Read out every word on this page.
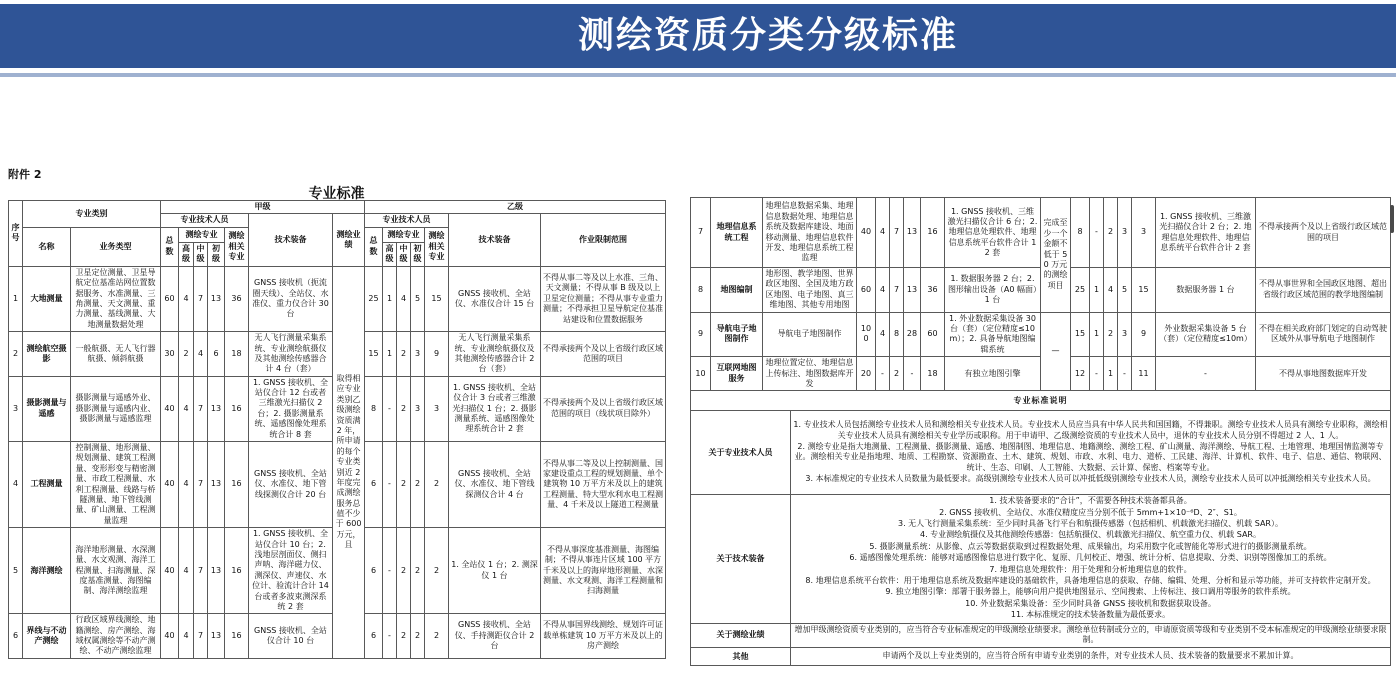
测绘资质分类分级标准
附件 2
专业标准
序号	专业类别		甲级							乙级						
			专业技术人员					技术装备	测绘业绩	专业技术人员					技术装备	作业限制范围
	名称	业务类型	总数	测绘专业			测绘相关专业			总数	测绘专业			测绘相关专业		
				高级	中级	初级					高级	中级	初级			
1	大地测量	卫星定位测量、卫星导航定位基准站网位置数据服务、水准测量、三角测量、天文测量、重力测量、基线测量、大地测量数据处理	60	4	7	13	36	GNSS 接收机（扼流圈天线）、全站仪、水准仪、重力仪合计 30 台	取得相应专业类别乙级测绘资质满 2 年，所申请的每个专业类别近 2 年度完成测绘服务总值不少于 600 万元，且	25	1	4	5	15	GNSS 接收机、全站仪、水准仪合计 15 台	不得从事二等及以上水准、三角、天文测量；不得从事 B 级及以上卫星定位测量；不得从事专业重力测量；不得承担卫星导航定位基准站建设和位置数据服务
2	测绘航空摄影	一般航摄、无人飞行器航摄、倾斜航摄	30	2	4	6	18	无人飞行测量采集系统、专业测绘航摄仪及其他测绘传感器合计 4 台（套）		15	1	2	3	9	无人飞行测量采集系统、专业测绘航摄仪及其他测绘传感器合计 2 台（套）	不得承接两个及以上省级行政区域范围的项目
3	摄影测量与遥感	摄影测量与遥感外业、摄影测量与遥感内业、摄影测量与遥感监理	40	4	7	13	16	1. GNSS 接收机、全站仪合计 12 台或者三维激光扫描仪 2 台；2. 摄影测量系统、遥感图像处理系统合计 8 套		8	-	2	3	3	1. GNSS 接收机、全站仪合计 3 台或者三维激光扫描仪 1 台；2. 摄影测量系统、遥感图像处理系统合计 2 套	不得承接两个及以上省级行政区域范围的项目（线状项目除外）
4	工程测量	控制测量、地形测量、规划测量、建筑工程测量、变形形变与精密测量、市政工程测量、水利工程测量、线路与桥隧测量、地下管线测量、矿山测量、工程测量监理	40	4	7	13	16	GNSS 接收机、全站仪、水准仪、地下管线探测仪合计 20 台		6	-	2	2	2	GNSS 接收机、全站仪、水准仪、地下管线探测仪合计 4 台	不得从事二等及以上控制测量、国家建设重点工程的规划测量、单个建筑物 10 万平方米及以上的建筑工程测量、特大型水利水电工程测量、4 千米及以上隧道工程测量
5	海洋测绘	海洋地形测量、水深测量、水文观测、海洋工程测量、扫海测量、深度基准测量、海图编制、海洋测绘监理	40	4	7	13	16	1. GNSS 接收机、全站仪合计 10 台；2. 浅地层剖面仪、侧扫声呐、海洋磁力仪、测深仪、声速仪、水位计、验流计合计 14 台或者多波束测深系统 2 套		6	-	2	2	2	1. 全站仪 1 台；2. 测深仪 1 台	不得从事深度基准测量、海图编制；不得从事连片区域 100 平方千米及以上的海岸地形测量、水深测量、水文观测、海洋工程测量和扫海测量
6	界线与不动产测绘	行政区域界线测绘、地籍测绘、房产测绘、海域权属测绘等不动产测绘、不动产测绘监理	40	4	7	13	16	GNSS 接收机、全站仪合计 10 台		6	-	2	2	2	GNSS 接收机、全站仪、手持测距仪合计 2 台	不得从事国界线测绘、规划许可证载单栋建筑 10 万平方米及以上的房产测绘
7	地理信息系统工程	地理信息数据采集、地理信息数据处理、地理信息系统及数据库建设、地面移动测量、地理信息软件开发、地理信息系统工程监理	40	4	7	13	16	1. GNSS 接收机、三维激光扫描仪合计 6 台；2. 地理信息处理软件、地理信息系统平台软件合计 12 套	完成至少一个金额不低于 50 万元的测绘项目	8	-	2	3	3	1. GNSS 接收机、三维激光扫描仪合计 2 台；2. 地理信息处理软件、地理信息系统平台软件合计 2 套	不得承接两个及以上省级行政区域范围的项目
8	地图编制	地形图、教学地图、世界政区地图、全国及地方政区地图、电子地图、真三维地图、其他专用地图	60	4	7	13	36	1. 数据服务器 2 台；2. 图形输出设备（A0 幅面）1 台		25	1	4	5	15	数据服务器 1 台	不得从事世界和全国政区地图、超出省级行政区域范围的教学地图编制
9	导航电子地图制作	导航电子地图制作	100	4	8	28	60	1. 外业数据采集设备 30 台（套）（定位精度≤10m）；2. 具备导航地图编辑系统	—	15	1	2	3	9	外业数据采集设备 5 台（套）（定位精度≤10m）	不得在相关政府部门划定的自动驾驶区域外从事导航电子地图制作
10	互联网地图服务	地理位置定位、地理信息上传标注、地图数据库开发	20	-	2	-	18	有独立地图引擎		12	-	1	-	11	-	不得从事地图数据库开发
专业标准说明	
关于专业技术人员	1. 专业技术人员包括测绘专业技术人员和测绘相关专业技术人员。专业技术人员应当具有中华人民共和国国籍，不得兼职。测绘专业技术人员具有测绘专业职称，测绘相关专业技术人员具有测绘相关专业学历或职称。用于申请甲、乙级测绘资质的专业技术人员中，退休的专业技术人员分别不得超过 2 人、1 人。
2. 测绘专业是指大地测量、工程测量、摄影测量、遥感、地图制图、地理信息、地籍测绘、测绘工程、矿山测量、海洋测绘、导航工程、土地管理、地理国情监测等专业。测绘相关专业是指地理、地质、工程勘察、资源勘查、土木、建筑、规划、市政、水利、电力、道桥、工民建、海洋、计算机、软件、电子、信息、通信、物联网、统计、生态、印刷、人工智能、大数据、云计算、保密、档案等专业。
3. 本标准规定的专业技术人员数量为最低要求。高级别测绘专业技术人员可以冲抵低级别测绘专业技术人员，测绘专业技术人员可以冲抵测绘相关专业技术人员。

关于技术装备	
1. 技术装备要求的“合计”，不需要各种技术装备都具备。
2. GNSS 接收机、全站仪、水准仪精度应当分别不低于 5mm+1×10⁻⁶D、2″、S1。
3. 无人飞行测量采集系统：至少同时具备飞行平台和航摄传感器（包括相机、机载激光扫描仪、机载 SAR）。
4. 专业测绘航摄仪及其他测绘传感器：包括航摄仪、机载激光扫描仪、航空重力仪、机载 SAR。
5. 摄影测量系统：从影像、点云等数据获取到过程数据处理、成果输出，均采用数字化或智能化等形式进行的摄影测量系统。
6. 遥感图像处理系统：能够对遥感图像信息进行数字化、复原、几何校正、增强、统计分析、信息提取、分类、识别等图像加工的系统。
7. 地理信息处理软件：用于处理和分析地理信息的软件。
8. 地理信息系统平台软件：用于地理信息系统及数据库建设的基础软件，具备地理信息的获取、存储、编辑、处理、分析和显示等功能，并可支持软件定制开发。
9. 独立地图引擎：部署于服务器上，能够向用户提供地图显示、空间搜索、上传标注、接口调用等服务的软件系统。
10. 外业数据采集设备：至少同时具备 GNSS 接收机和数据获取设备。
11. 本标准规定的技术装备数量为最低要求。

关于测绘业绩	增加甲级测绘资质专业类别的，应当符合专业标准规定的甲级测绘业绩要求。测绘单位转制或分立的，申请原资质等级和专业类别不受本标准规定的甲级测绘业绩要求限制。

其他	申请两个及以上专业类别的，应当符合所有申请专业类别的条件，对专业技术人员、技术装备的数量要求不累加计算。
